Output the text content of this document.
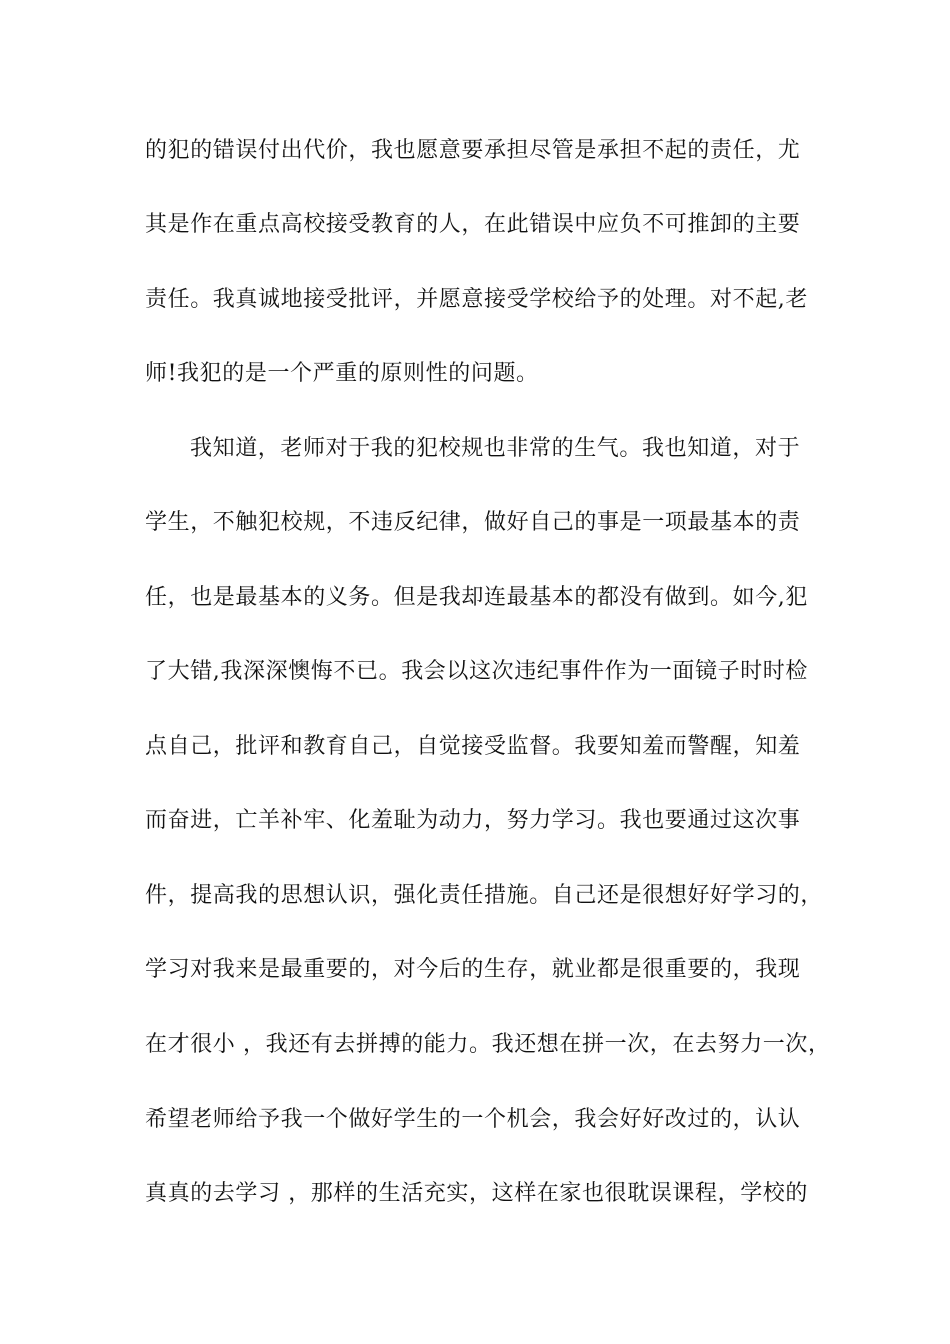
的犯的错误付出代价，我也愿意要承担尽管是承担不起的责任，尤
其是作在重点高校接受教育的人，在此错误中应负不可推卸的主要
责任。我真诚地接受批评，并愿意接受学校给予的处理。对不起,老
师!我犯的是一个严重的原则性的问题。
我知道，老师对于我的犯校规也非常的生气。我也知道，对于
学生，不触犯校规，不违反纪律，做好自己的事是一项最基本的责
任，也是最基本的义务。但是我却连最基本的都没有做到。如今,犯
了大错,我深深懊悔不已。我会以这次违纪事件作为一面镜子时时检
点自己，批评和教育自己，自觉接受监督。我要知羞而警醒，知羞
而奋进，亡羊补牢、化羞耻为动力，努力学习。我也要通过这次事
件，提高我的思想认识，强化责任措施。自己还是很想好好学习的，
学习对我来是最重要的，对今后的生存，就业都是很重要的，我现
在才很小 ，我还有去拼搏的能力。我还想在拼一次，在去努力一次，
希望老师给予我一个做好学生的一个机会，我会好好改过的，认认
真真的去学习 ，那样的生活充实，这样在家也很耽误课程，学校的
